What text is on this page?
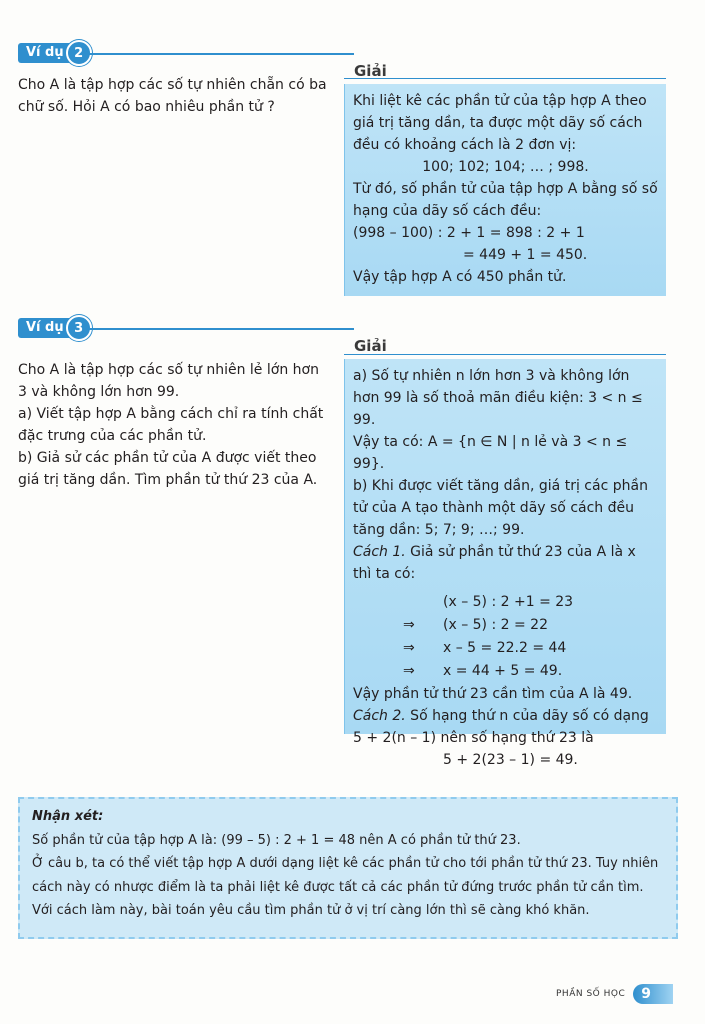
Ví dụ 2

Cho A là tập hợp các số tự nhiên chẵn có ba chữ số. Hỏi A có bao nhiêu phần tử ?

Giải

Khi liệt kê các phần tử của tập hợp A theo giá trị tăng dần, ta được một dãy số cách đều có khoảng cách là 2 đơn vị:

100; 102; 104; … ; 998.

Từ đó, số phần tử của tập hợp A bằng số số hạng của dãy số cách đều:

(998 – 100) : 2 + 1 = 898 : 2 + 1

= 449 + 1 = 450.

Vậy tập hợp A có 450 phần tử.

Ví dụ 3

Cho A là tập hợp các số tự nhiên lẻ lớn hơn 3 và không lớn hơn 99.

a) Viết tập hợp A bằng cách chỉ ra tính chất đặc trưng của các phần tử.

b) Giả sử các phần tử của A được viết theo giá trị tăng dần. Tìm phần tử thứ 23 của A.

Giải

a) Số tự nhiên n lớn hơn 3 và không lớn hơn 99 là số thoả mãn điều kiện: 3 < n ≤ 99.

Vậy ta có: A = {n ∈ N | n lẻ và 3 < n ≤ 99}.

b) Khi được viết tăng dần, giá trị các phần tử của A tạo thành một dãy số cách đều tăng dần: 5; 7; 9; …; 99.

Cách 1. Giả sử phần tử thứ 23 của A là x thì ta có:

(x – 5) : 2 +1 = 23
⇒	(x – 5) : 2 = 22
⇒	x – 5 = 22.2 = 44
⇒	x = 44 + 5 = 49.

Vậy phần tử thứ 23 cần tìm của A là 49.

Cách 2. Số hạng thứ n của dãy số có dạng 5 + 2(n – 1) nên số hạng thứ 23 là

5 + 2(23 – 1) = 49.

Nhận xét:

Số phần tử của tập hợp A là: (99 – 5) : 2 + 1 = 48 nên A có phần tử thứ 23.

Ở câu b, ta có thể viết tập hợp A dưới dạng liệt kê các phần tử cho tới phần tử thứ 23. Tuy nhiên cách này có nhược điểm là ta phải liệt kê được tất cả các phần tử đứng trước phần tử cần tìm.

Với cách làm này, bài toán yêu cầu tìm phần tử ở vị trí càng lớn thì sẽ càng khó khăn.

PHẦN SỐ HỌC	9
